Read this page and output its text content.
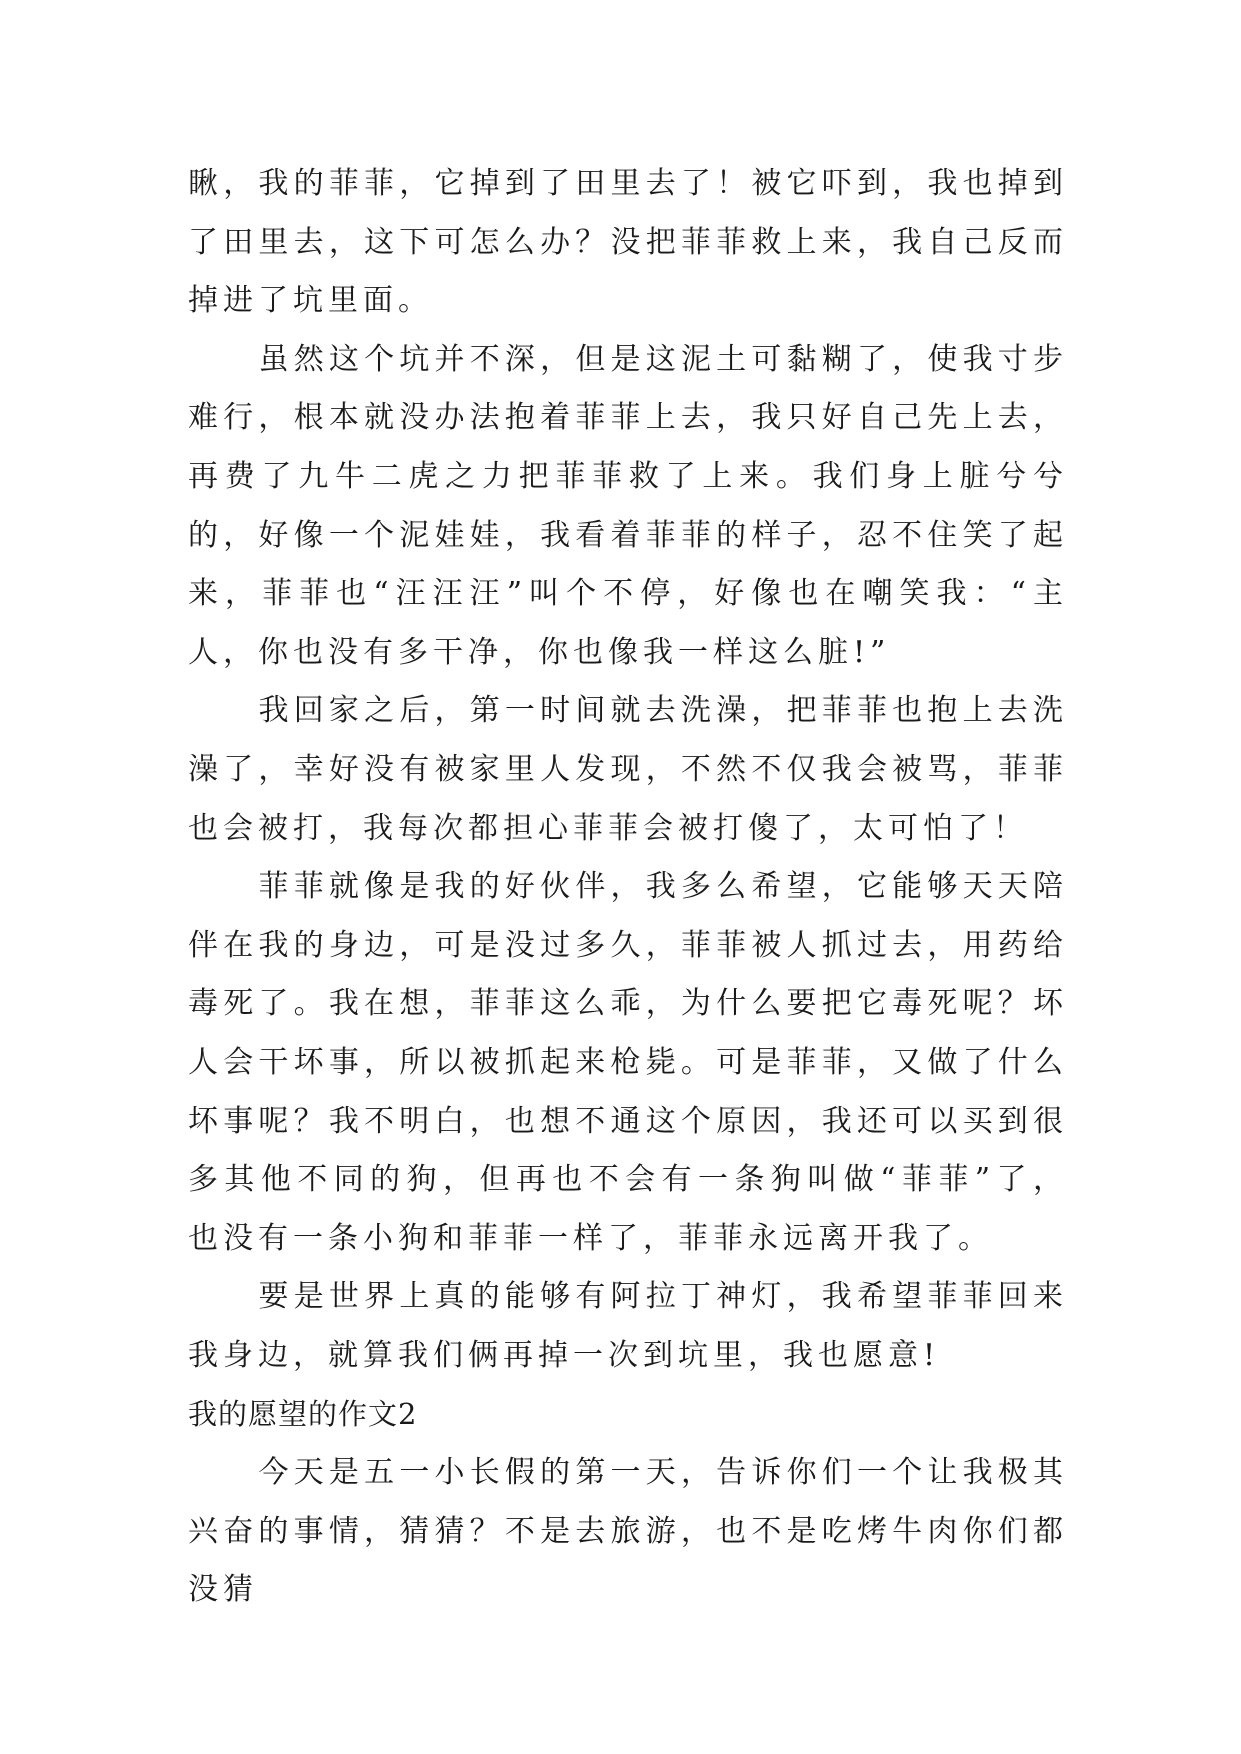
瞅，我的菲菲，它掉到了田里去了！被它吓到，我也掉到了田里去，这下可怎么办？没把菲菲救上来，我自己反而掉进了坑里面。

虽然这个坑并不深，但是这泥土可黏糊了，使我寸步难行，根本就没办法抱着菲菲上去，我只好自己先上去，再费了九牛二虎之力把菲菲救了上来。我们身上脏兮兮的，好像一个泥娃娃，我看着菲菲的样子，忍不住笑了起来，菲菲也“汪汪汪”叫个不停，好像也在嘲笑我：“主人，你也没有多干净，你也像我一样这么脏!”

我回家之后，第一时间就去洗澡，把菲菲也抱上去洗澡了，幸好没有被家里人发现，不然不仅我会被骂，菲菲也会被打，我每次都担心菲菲会被打傻了，太可怕了！

菲菲就像是我的好伙伴，我多么希望，它能够天天陪伴在我的身边，可是没过多久，菲菲被人抓过去，用药给毒死了。我在想，菲菲这么乖，为什么要把它毒死呢？坏人会干坏事，所以被抓起来枪毙。可是菲菲，又做了什么坏事呢？我不明白，也想不通这个原因，我还可以买到很多其他不同的狗，但再也不会有一条狗叫做“菲菲”了，也没有一条小狗和菲菲一样了，菲菲永远离开我了。

要是世界上真的能够有阿拉丁神灯，我希望菲菲回来我身边，就算我们俩再掉一次到坑里，我也愿意!

我的愿望的作文2

今天是五一小长假的第一天，告诉你们一个让我极其兴奋的事情，猜猜？不是去旅游，也不是吃烤牛肉你们都没猜
